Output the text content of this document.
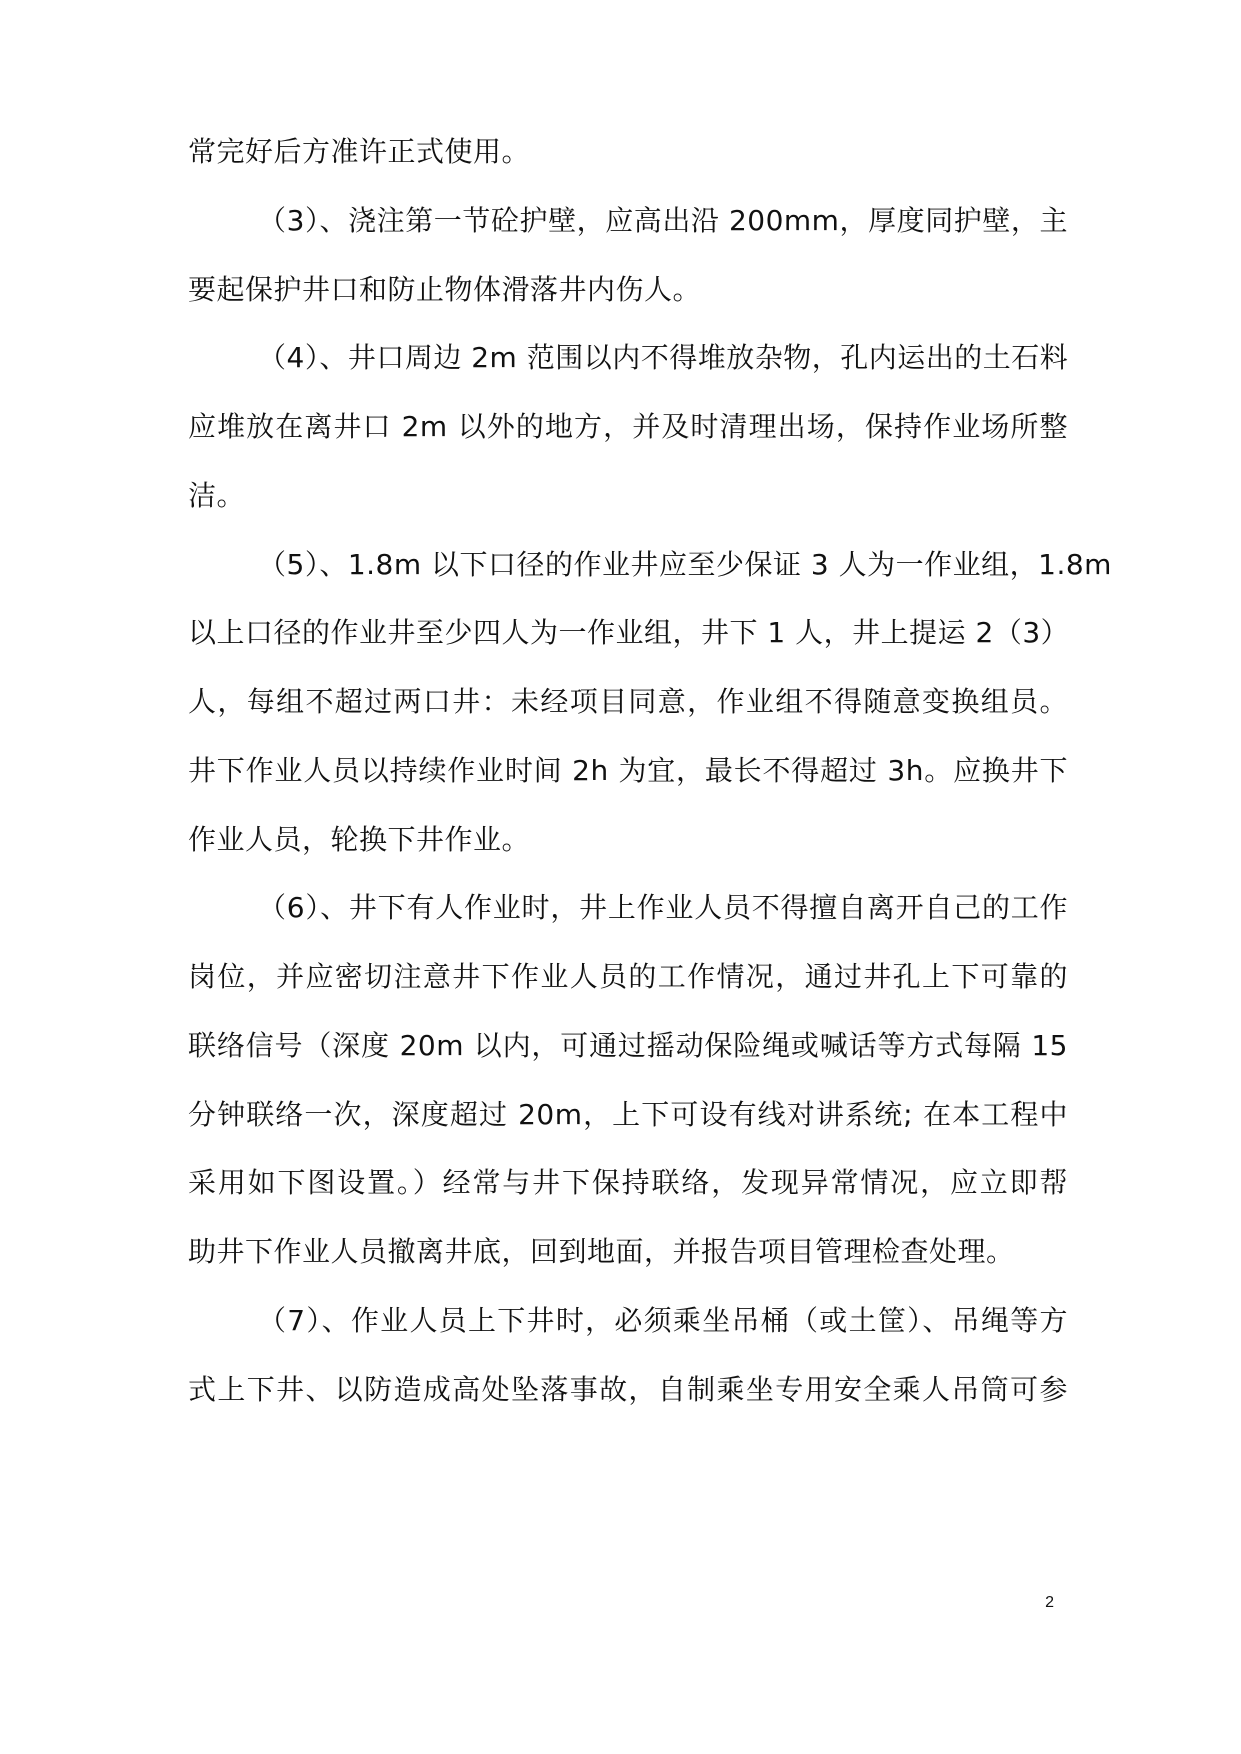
常完好后方准许正式使用。
（3）、浇注第一节砼护壁，应高出沿 200mm，厚度同护壁，主
要起保护井口和防止物体滑落井内伤人。
（4）、井口周边 2m 范围以内不得堆放杂物，孔内运出的土石料
应堆放在离井口 2m 以外的地方，并及时清理出场，保持作业场所整
洁。
（5）、1.8m 以下口径的作业井应至少保证 3 人为一作业组，1.8m
以上口径的作业井至少四人为一作业组，井下 1 人，井上提运 2（3）
人，每组不超过两口井：未经项目同意，作业组不得随意变换组员。
井下作业人员以持续作业时间 2h 为宜，最长不得超过 3h。应换井下
作业人员，轮换下井作业。
（6）、井下有人作业时，井上作业人员不得擅自离开自己的工作
岗位，并应密切注意井下作业人员的工作情况，通过井孔上下可靠的
联络信号（深度 20m 以内，可通过摇动保险绳或喊话等方式每隔 15
分钟联络一次，深度超过 20m，上下可设有线对讲系统; 在本工程中
采用如下图设置。）经常与井下保持联络，发现异常情况，应立即帮
助井下作业人员撤离井底，回到地面，并报告项目管理检查处理。
（7）、作业人员上下井时，必须乘坐吊桶（或土筐）、吊绳等方
式上下井、以防造成高处坠落事故，自制乘坐专用安全乘人吊筒可参
2
